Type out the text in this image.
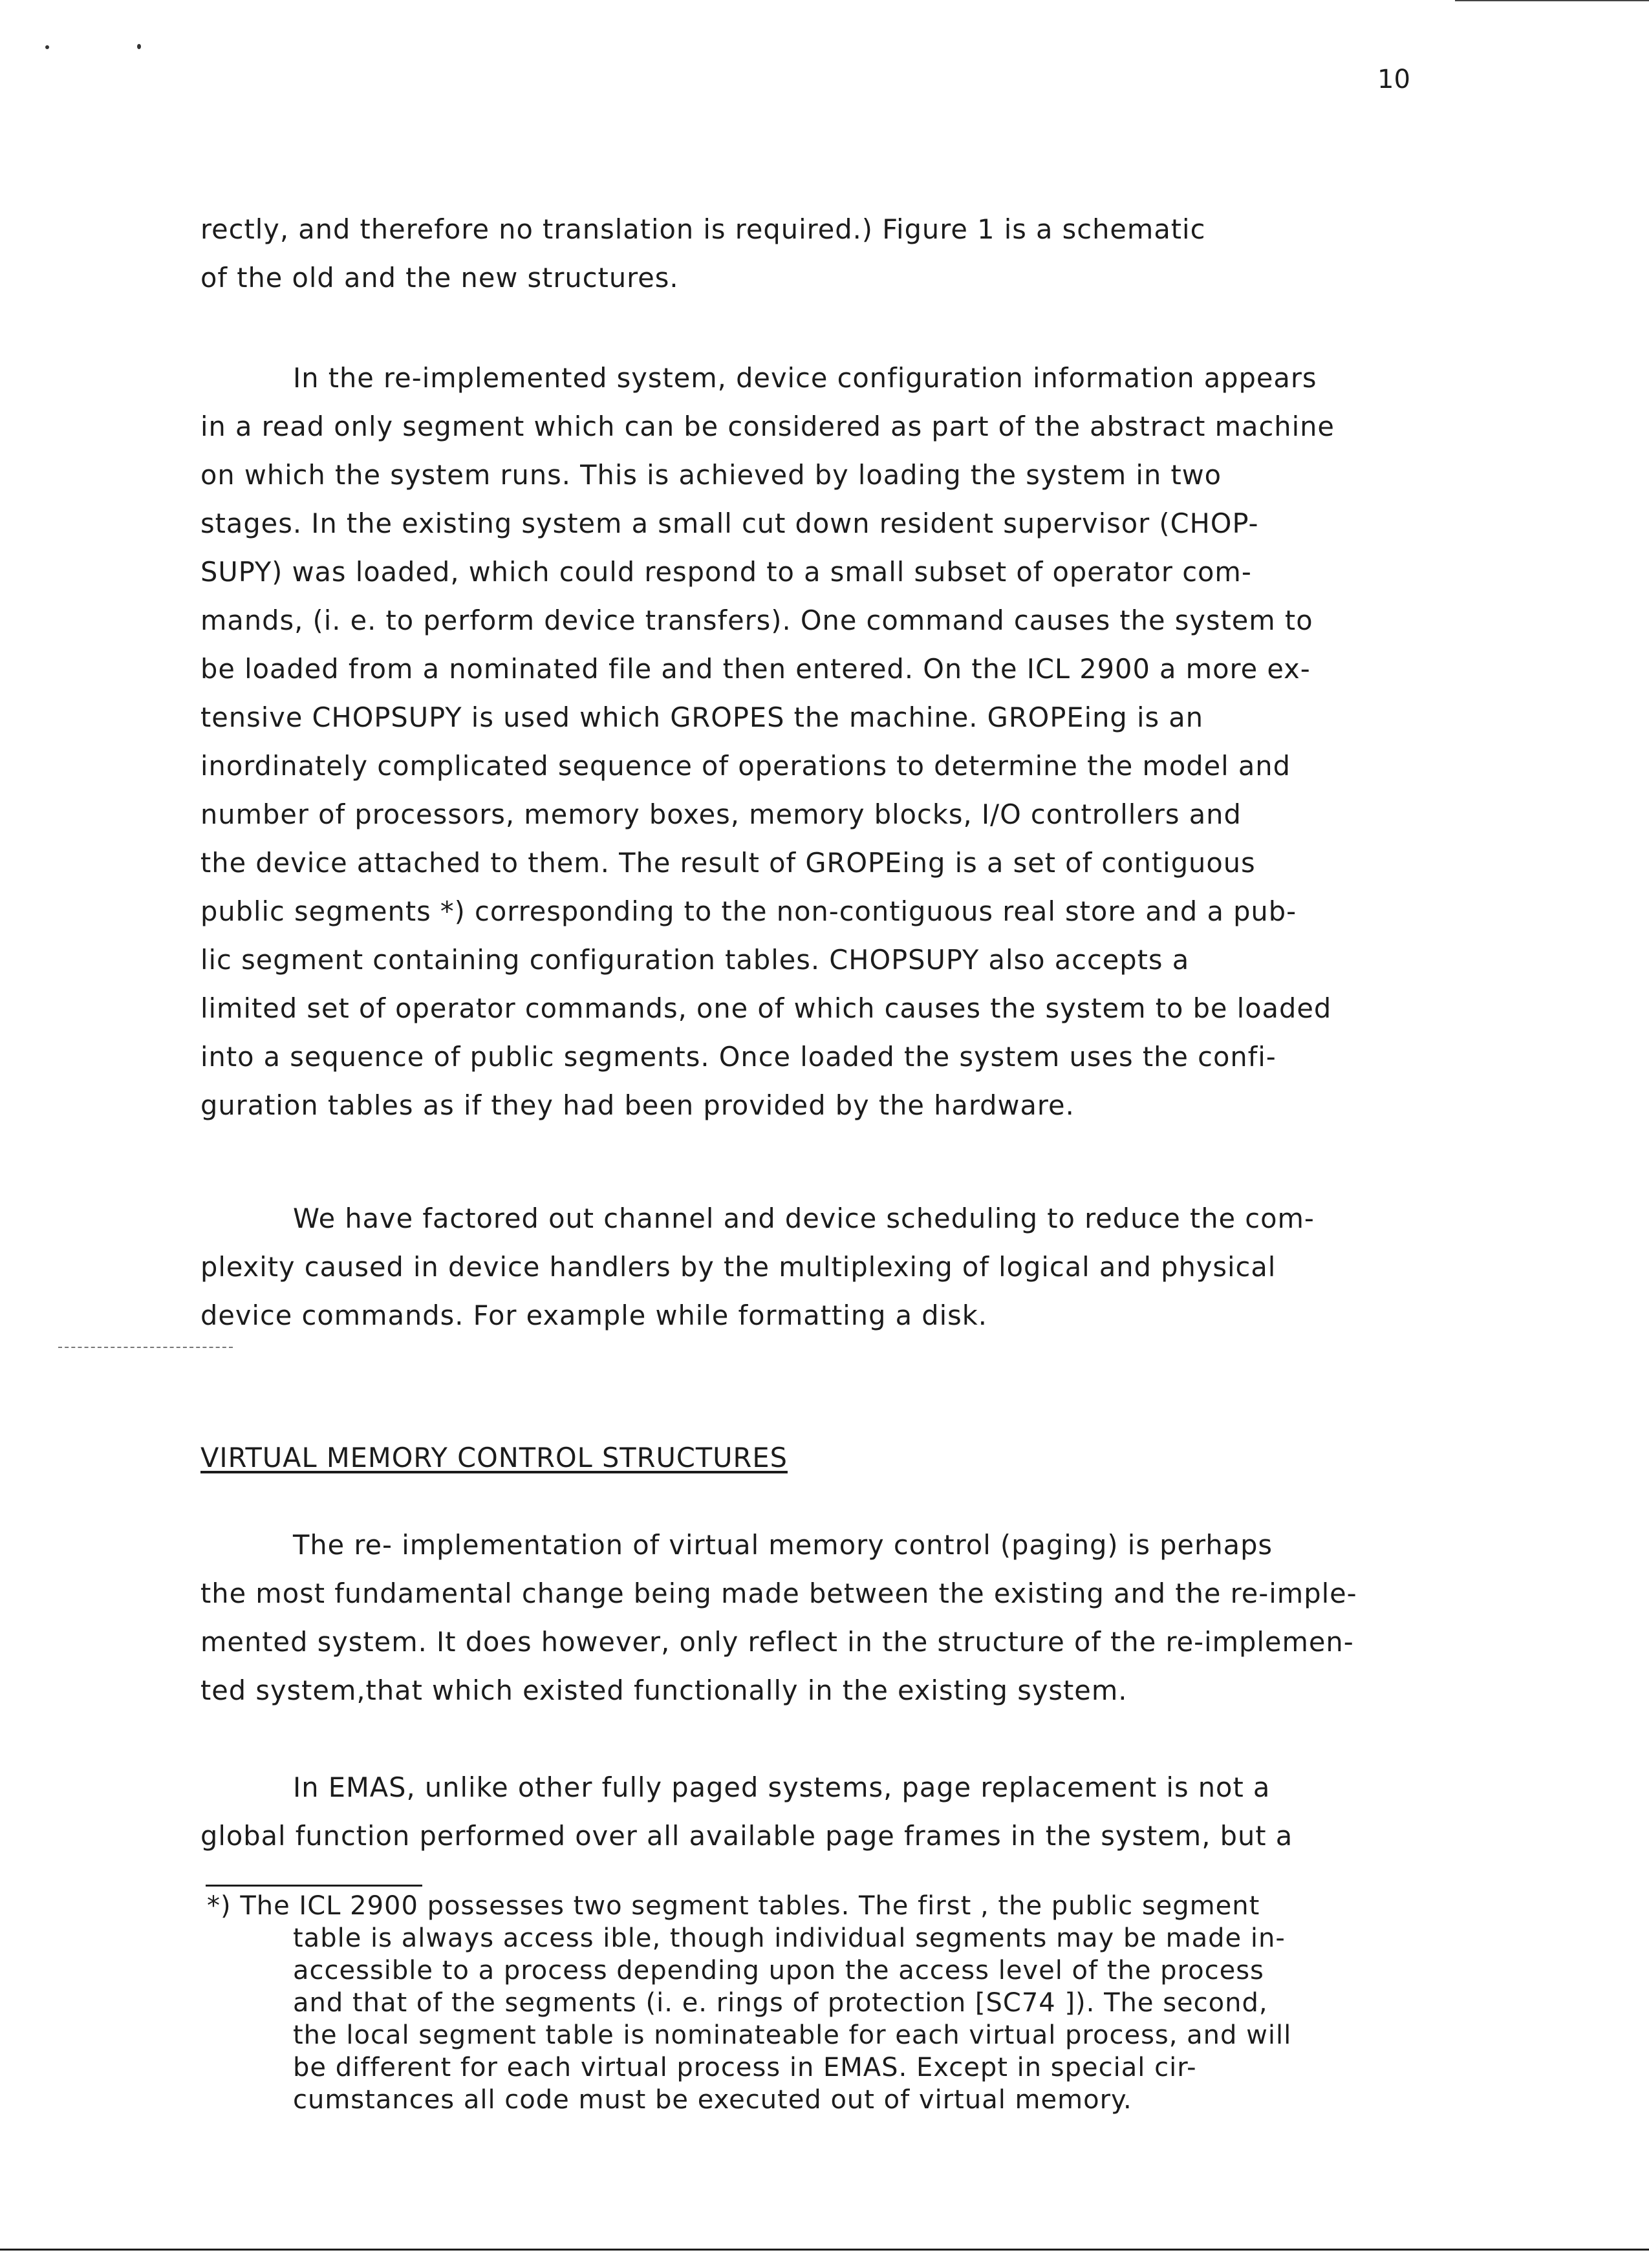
10
rectly, and therefore no translation is required.) Figure 1 is a schematic
of the old and the new structures.
In the re-implemented system, device configuration information appears
in a read only segment which can be considered as part of the abstract machine
on which the system runs. This is achieved by loading the system in two
stages. In the existing system a small cut down resident supervisor (CHOP-
SUPY) was loaded, which could respond to a small subset of operator com-
mands, (i. e. to perform device transfers). One command causes the system to
be loaded from a nominated file and then entered. On the ICL 2900 a more ex-
tensive CHOPSUPY is used which GROPES the machine. GROPEing is an
inordinately complicated sequence of operations to determine the model and
number of processors, memory boxes, memory blocks, I/O controllers and
the device attached to them. The result of GROPEing is a set of contiguous
public segments *) corresponding to the non-contiguous real store and a pub-
lic segment containing configuration tables. CHOPSUPY also accepts a
limited set of operator commands, one of which causes the system to be loaded
into a sequence of public segments. Once loaded the system uses the confi-
guration tables as if they had been provided by the hardware.
We have factored out channel and device scheduling to reduce the com-
plexity caused in device handlers by the multiplexing of logical and physical
device commands. For example while formatting a disk.
VIRTUAL MEMORY CONTROL STRUCTURES
The re- implementation of virtual memory control (paging) is perhaps
the most fundamental change being made between the existing and the re-imple-
mented system. It does however, only reflect in the structure of the re-implemen-
ted system,that which existed functionally in the existing system.
In EMAS, unlike other fully paged systems, page replacement is not a
global function performed over all available page frames in the system, but a
*) The ICL 2900 possesses two segment tables. The first , the public segment
table is always access ible, though individual segments may be made in-
accessible to a process depending upon the access level of the process
and that of the segments (i. e. rings of protection [SC74 ]). The second,
the local segment table is nominateable for each virtual process, and will
be different for each virtual process in EMAS. Except in special cir-
cumstances all code must be executed out of virtual memory.
